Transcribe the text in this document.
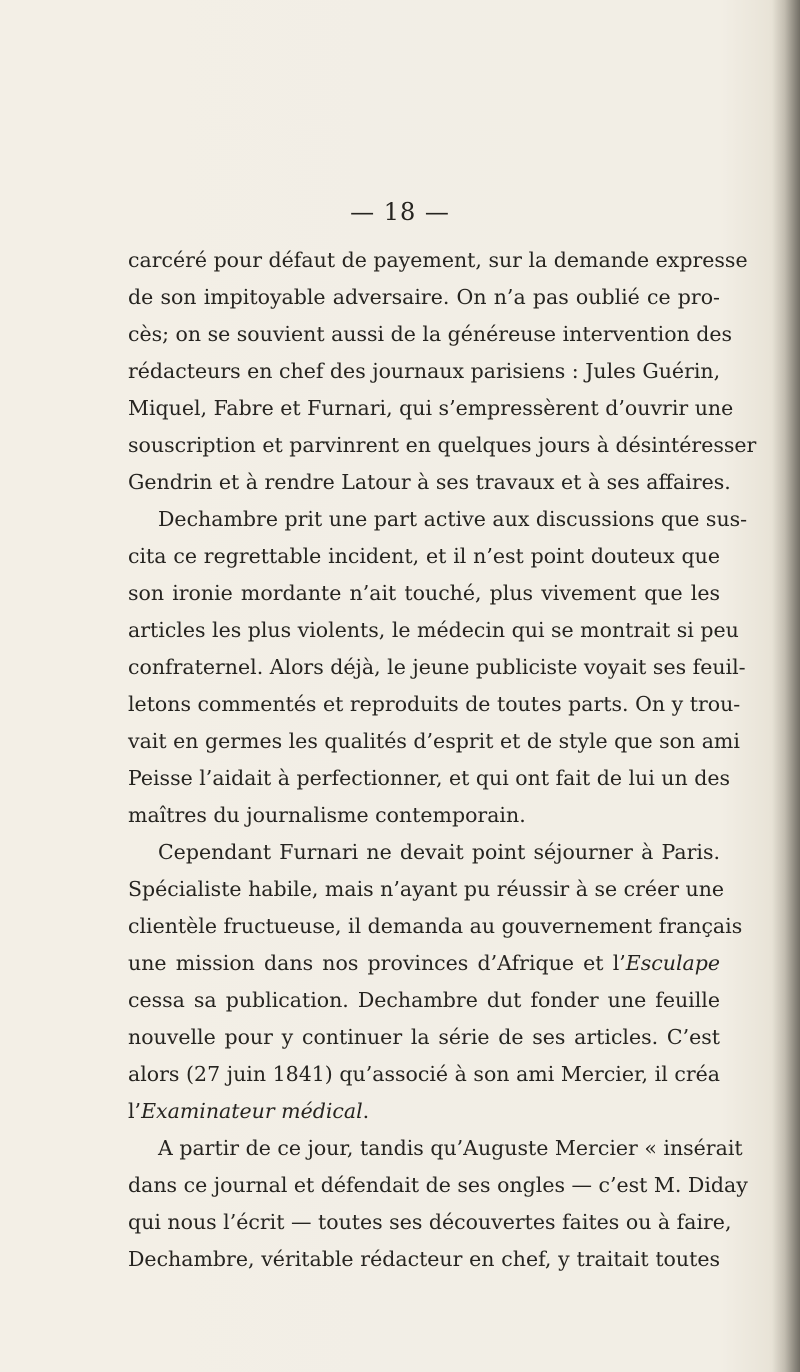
— 18 —

carcéré pour défaut de payement, sur la demande expresse
de son impitoyable adversaire. On n’a pas oublié ce pro-
cès; on se souvient aussi de la généreuse intervention des
rédacteurs en chef des journaux parisiens : Jules Guérin,
Miquel, Fabre et Furnari, qui s’empressèrent d’ouvrir une
souscription et parvinrent en quelques jours à désintéresser
Gendrin et à rendre Latour à ses travaux et à ses affaires.
Dechambre prit une part active aux discussions que sus-
cita ce regrettable incident, et il n’est point douteux que
son ironie mordante n’ait touché, plus vivement que les
articles les plus violents, le médecin qui se montrait si peu
confraternel. Alors déjà, le jeune publiciste voyait ses feuil-
letons commentés et reproduits de toutes parts. On y trou-
vait en germes les qualités d’esprit et de style que son ami
Peisse l’aidait à perfectionner, et qui ont fait de lui un des
maîtres du journalisme contemporain.
Cependant Furnari ne devait point séjourner à Paris.
Spécialiste habile, mais n’ayant pu réussir à se créer une
clientèle fructueuse, il demanda au gouvernement français
une mission dans nos provinces d’Afrique et l’Esculape
cessa sa publication. Dechambre dut fonder une feuille
nouvelle pour y continuer la série de ses articles. C’est
alors (27 juin 1841) qu’associé à son ami Mercier, il créa
l’Examinateur médical.
A partir de ce jour, tandis qu’Auguste Mercier « insérait
dans ce journal et défendait de ses ongles — c’est M. Diday
qui nous l’écrit — toutes ses découvertes faites ou à faire,
Dechambre, véritable rédacteur en chef, y traitait toutes
